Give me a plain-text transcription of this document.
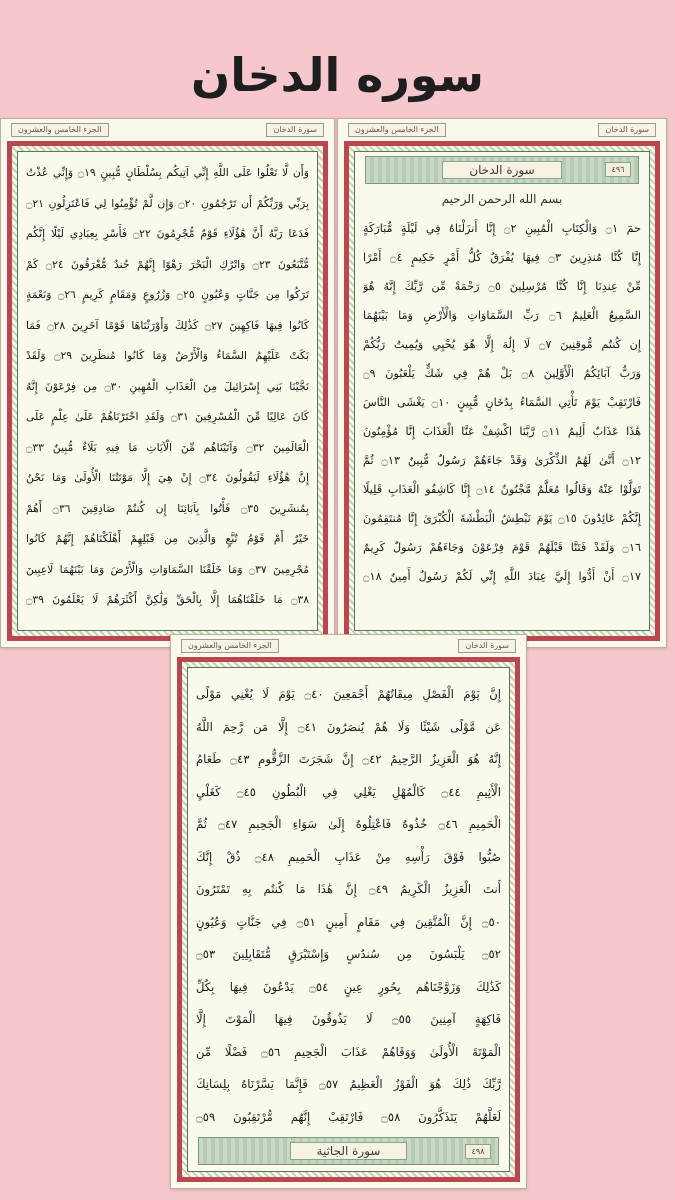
سوره الدخان
سورة الدخان
الجزء الخامس والعشرون
سورة الدخان	٤٩٦
بسم الله الرحمن الرحيم
حمٓ ۝١ وَالْكِتَابِ الْمُبِينِ ۝٢ إِنَّا أَنزَلْنَاهُ فِي لَيْلَةٍ مُّبَارَكَةٍ
إِنَّا كُنَّا مُنذِرِينَ ۝٣ فِيهَا يُفْرَقُ كُلُّ أَمْرٍ حَكِيمٍ ۝٤ أَمْرًا
مِّنْ عِندِنَا إِنَّا كُنَّا مُرْسِلِينَ ۝٥ رَحْمَةً مِّن رَّبِّكَ إِنَّهُ هُوَ
السَّمِيعُ الْعَلِيمُ ۝٦ رَبِّ السَّمَاوَاتِ وَالْأَرْضِ وَمَا بَيْنَهُمَا
إِن كُنتُم مُّوقِنِينَ ۝٧ لَا إِلَٰهَ إِلَّا هُوَ يُحْيِي وَيُمِيتُ رَبُّكُمْ
وَرَبُّ آبَائِكُمُ الْأَوَّلِينَ ۝٨ بَلْ هُمْ فِي شَكٍّ يَلْعَبُونَ ۝٩
فَارْتَقِبْ يَوْمَ تَأْتِي السَّمَاءُ بِدُخَانٍ مُّبِينٍ ۝١٠ يَغْشَى النَّاسَ
هَٰذَا عَذَابٌ أَلِيمٌ ۝١١ رَّبَّنَا اكْشِفْ عَنَّا الْعَذَابَ إِنَّا مُؤْمِنُونَ
۝١٢ أَنَّىٰ لَهُمُ الذِّكْرَىٰ وَقَدْ جَاءَهُمْ رَسُولٌ مُّبِينٌ ۝١٣ ثُمَّ
تَوَلَّوْا عَنْهُ وَقَالُوا مُعَلَّمٌ مَّجْنُونٌ ۝١٤ إِنَّا كَاشِفُو الْعَذَابِ قَلِيلًا
إِنَّكُمْ عَائِدُونَ ۝١٥ يَوْمَ نَبْطِشُ الْبَطْشَةَ الْكُبْرَىٰ إِنَّا مُنتَقِمُونَ
۝١٦ وَلَقَدْ فَتَنَّا قَبْلَهُمْ قَوْمَ فِرْعَوْنَ وَجَاءَهُمْ رَسُولٌ كَرِيمٌ
۝١٧ أَنْ أَدُّوا إِلَيَّ عِبَادَ اللَّهِ إِنِّي لَكُمْ رَسُولٌ أَمِينٌ ۝١٨
سورة الدخان
الجزء الخامس والعشرون
وَأَن لَّا تَعْلُوا عَلَى اللَّهِ إِنِّي آتِيكُم بِسُلْطَانٍ مُّبِينٍ ۝١٩ وَإِنِّي عُذْتُ
بِرَبِّي وَرَبِّكُمْ أَن تَرْجُمُونِ ۝٢٠ وَإِن لَّمْ تُؤْمِنُوا لِي فَاعْتَزِلُونِ ۝٢١
فَدَعَا رَبَّهُ أَنَّ هَٰؤُلَاءِ قَوْمٌ مُّجْرِمُونَ ۝٢٢ فَأَسْرِ بِعِبَادِي لَيْلًا إِنَّكُم
مُّتَّبَعُونَ ۝٢٣ وَاتْرُكِ الْبَحْرَ رَهْوًا إِنَّهُمْ جُندٌ مُّغْرَقُونَ ۝٢٤ كَمْ
تَرَكُوا مِن جَنَّاتٍ وَعُيُونٍ ۝٢٥ وَزُرُوعٍ وَمَقَامٍ كَرِيمٍ ۝٢٦ وَنَعْمَةٍ
كَانُوا فِيهَا فَاكِهِينَ ۝٢٧ كَذَٰلِكَ وَأَوْرَثْنَاهَا قَوْمًا آخَرِينَ ۝٢٨ فَمَا
بَكَتْ عَلَيْهِمُ السَّمَاءُ وَالْأَرْضُ وَمَا كَانُوا مُنظَرِينَ ۝٢٩ وَلَقَدْ
نَجَّيْنَا بَنِي إِسْرَائِيلَ مِنَ الْعَذَابِ الْمُهِينِ ۝٣٠ مِن فِرْعَوْنَ إِنَّهُ
كَانَ عَالِيًا مِّنَ الْمُسْرِفِينَ ۝٣١ وَلَقَدِ اخْتَرْنَاهُمْ عَلَىٰ عِلْمٍ عَلَى
الْعَالَمِينَ ۝٣٢ وَآتَيْنَاهُم مِّنَ الْآيَاتِ مَا فِيهِ بَلَاءٌ مُّبِينٌ ۝٣٣
إِنَّ هَٰؤُلَاءِ لَيَقُولُونَ ۝٣٤ إِنْ هِيَ إِلَّا مَوْتَتُنَا الْأُولَىٰ وَمَا نَحْنُ
بِمُنشَرِينَ ۝٣٥ فَأْتُوا بِآبَائِنَا إِن كُنتُمْ صَادِقِينَ ۝٣٦ أَهُمْ
خَيْرٌ أَمْ قَوْمُ تُبَّعٍ وَالَّذِينَ مِن قَبْلِهِمْ أَهْلَكْنَاهُمْ إِنَّهُمْ كَانُوا
مُجْرِمِينَ ۝٣٧ وَمَا خَلَقْنَا السَّمَاوَاتِ وَالْأَرْضَ وَمَا بَيْنَهُمَا لَاعِبِينَ
۝٣٨ مَا خَلَقْنَاهُمَا إِلَّا بِالْحَقِّ وَلَٰكِنَّ أَكْثَرَهُمْ لَا يَعْلَمُونَ ۝٣٩
سورة الدخان
الجزء الخامس والعشرون
إِنَّ يَوْمَ الْفَصْلِ مِيقَاتُهُمْ أَجْمَعِينَ ۝٤٠ يَوْمَ لَا يُغْنِي مَوْلًى
عَن مَّوْلًى شَيْئًا وَلَا هُمْ يُنصَرُونَ ۝٤١ إِلَّا مَن رَّحِمَ اللَّهُ
إِنَّهُ هُوَ الْعَزِيزُ الرَّحِيمُ ۝٤٢ إِنَّ شَجَرَتَ الزَّقُّومِ ۝٤٣ طَعَامُ
الْأَثِيمِ ۝٤٤ كَالْمُهْلِ يَغْلِي فِي الْبُطُونِ ۝٤٥ كَغَلْيِ
الْحَمِيمِ ۝٤٦ خُذُوهُ فَاعْتِلُوهُ إِلَىٰ سَوَاءِ الْجَحِيمِ ۝٤٧ ثُمَّ
صُبُّوا فَوْقَ رَأْسِهِ مِنْ عَذَابِ الْحَمِيمِ ۝٤٨ ذُقْ إِنَّكَ
أَنتَ الْعَزِيزُ الْكَرِيمُ ۝٤٩ إِنَّ هَٰذَا مَا كُنتُم بِهِ تَمْتَرُونَ
۝٥٠ إِنَّ الْمُتَّقِينَ فِي مَقَامٍ أَمِينٍ ۝٥١ فِي جَنَّاتٍ وَعُيُونٍ
۝٥٢ يَلْبَسُونَ مِن سُندُسٍ وَإِسْتَبْرَقٍ مُّتَقَابِلِينَ ۝٥٣
كَذَٰلِكَ وَزَوَّجْنَاهُم بِحُورٍ عِينٍ ۝٥٤ يَدْعُونَ فِيهَا بِكُلِّ
فَاكِهَةٍ آمِنِينَ ۝٥٥ لَا يَذُوقُونَ فِيهَا الْمَوْتَ إِلَّا
الْمَوْتَةَ الْأُولَىٰ وَوَقَاهُمْ عَذَابَ الْجَحِيمِ ۝٥٦ فَضْلًا مِّن
رَّبِّكَ ذَٰلِكَ هُوَ الْفَوْزُ الْعَظِيمُ ۝٥٧ فَإِنَّمَا يَسَّرْنَاهُ بِلِسَانِكَ
لَعَلَّهُمْ يَتَذَكَّرُونَ ۝٥٨ فَارْتَقِبْ إِنَّهُم مُّرْتَقِبُونَ ۝٥٩
سورة الجاثية	٤٩٨
